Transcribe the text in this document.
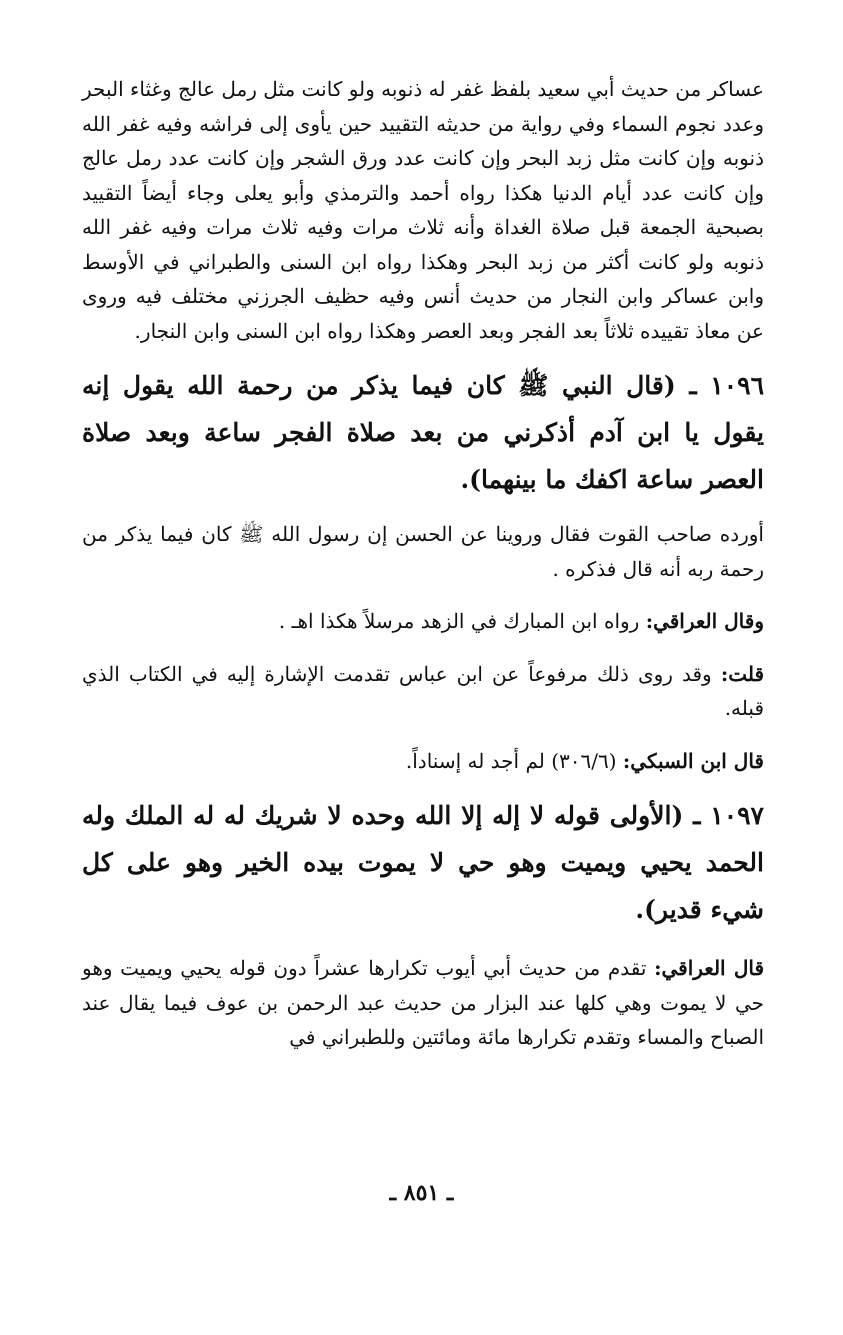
عساكر من حديث أبي سعيد بلفظ غفر له ذنوبه ولو كانت مثل رمل عالج وغثاء البحر وعدد نجوم السماء وفي رواية من حديثه التقييد حين يأوى إلى فراشه وفيه غفر الله ذنوبه وإن كانت مثل زبد البحر وإن كانت عدد ورق الشجر وإن كانت عدد رمل عالج وإن كانت عدد أيام الدنيا هكذا رواه أحمد والترمذي وأبو يعلى وجاء أيضاً التقييد بصبحية الجمعة قبل صلاة الغداة وأنه ثلاث مرات وفيه ثلاث مرات وفيه غفر الله ذنوبه ولو كانت أكثر من زبد البحر وهكذا رواه ابن السنى والطبراني في الأوسط وابن عساكر وابن النجار من حديث أنس وفيه حظيف الجرزني مختلف فيه وروى عن معاذ تقييده ثلاثاً بعد الفجر وبعد العصر وهكذا رواه ابن السنى وابن النجار.

١٠٩٦ ـ (قال النبي ﷺ كان فيما يذكر من رحمة الله يقول إنه يقول يا ابن آدم أذكرني من بعد صلاة الفجر ساعة وبعد صلاة العصر ساعة اكفك ما بينهما).

أورده صاحب القوت فقال وروينا عن الحسن إن رسول الله ﷺ كان فيما يذكر من رحمة ربه أنه قال فذكره .

وقال العراقي: رواه ابن المبارك في الزهد مرسلاً هكذا اهـ .

قلت: وقد روى ذلك مرفوعاً عن ابن عباس تقدمت الإشارة إليه في الكتاب الذي قبله.

قال ابن السبكي: (٣٠٦/٦) لم أجد له إسناداً.

١٠٩٧ ـ (الأولى قوله لا إله إلا الله وحده لا شريك له له الملك وله الحمد يحيي ويميت وهو حي لا يموت بيده الخير وهو على كل شيء قدير).

قال العراقي: تقدم من حديث أبي أيوب تكرارها عشراً دون قوله يحيي ويميت وهو حي لا يموت وهي كلها عند البزار من حديث عبد الرحمن بن عوف فيما يقال عند الصباح والمساء وتقدم تكرارها مائة ومائتين وللطبراني في

ـ ٨٥١ ـ
